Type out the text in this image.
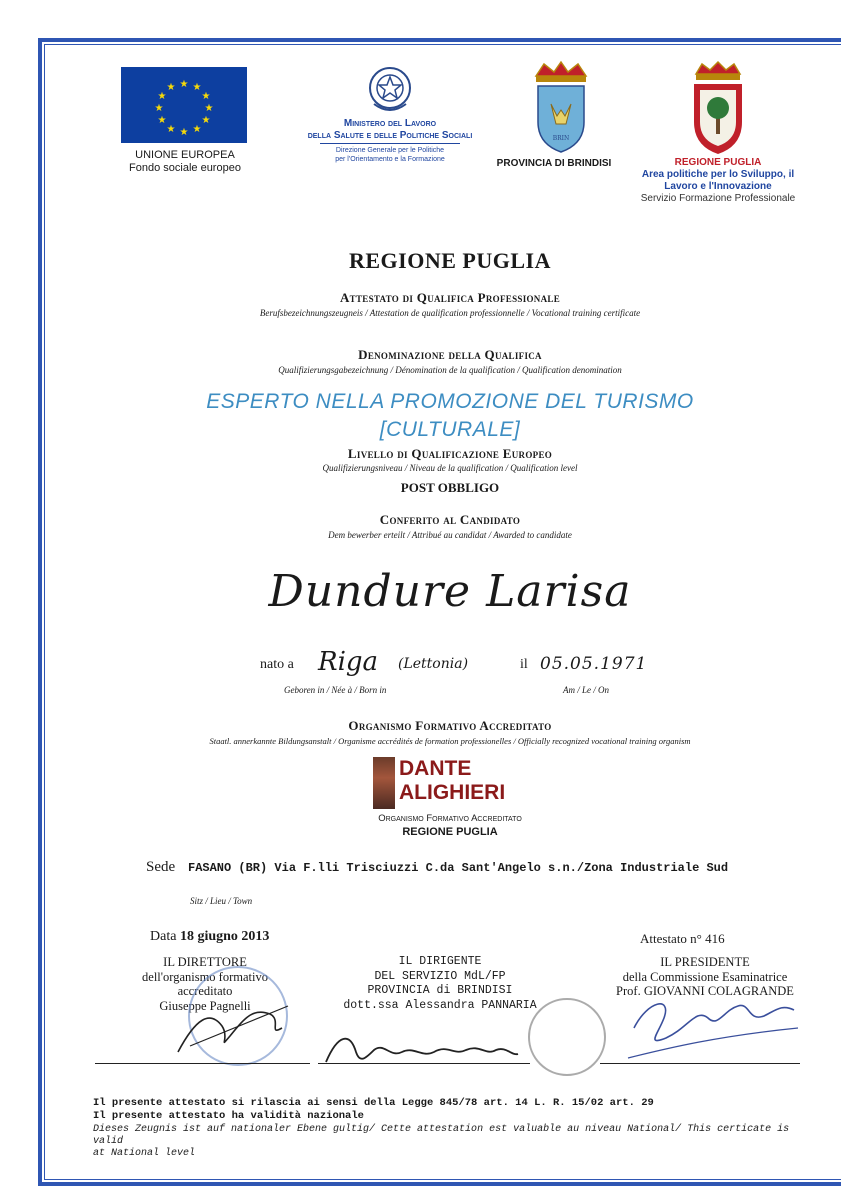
★ ★
★
★
★
★
★
★
★
★
★
★
UNIONE EUROPEA
Fondo sociale europeo
Ministero del Lavoro
della Salute e delle Politiche Sociali
Direzione Generale per le Politiche
per l'Orientamento e la Formazione
BRIN
PROVINCIA DI BRINDISI	REGIONE PUGLIA
Area politiche per lo Sviluppo, il
Lavoro e l'Innovazione
Servizio Formazione Professionale
REGIONE PUGLIA
Attestato di Qualifica Professionale
Berufsbezeichnungszeugneis / Attestation de qualification professionnelle / Vocational training certificate
Denominazione della Qualifica
Qualifizierungsgabezeichnung / Dénomination de la qualification / Qualification denomination
ESPERTO NELLA PROMOZIONE DEL TURISMO
[CULTURALE]
Livello di Qualificazione Europeo
Qualifizierungsniveau / Niveau de la qualification / Qualification level
POST OBBLIGO
Conferito al Candidato
Dem bewerber erteilt / Attribué au candidat / Awarded to candidate
Dundure Larisa
nato a Riga (Lettonia)	il 05.05.1971
Geboren in / Née à / Born in	Am / Le / On
Organismo Formativo Accreditato
Staatl. annerkannte Bildungsanstalt / Organisme accrédités de formation professionelles / Officially recognized vocational training organism
DANTE
ALIGHIERI
Organismo Formativo Accreditato
REGIONE PUGLIA
Sede FASANO (BR) Via F.lli Trisciuzzi C.da Sant'Angelo s.n./Zona Industriale Sud
Sitz / Lieu / Town
Data 18 giugno 2013	Attestato n° 416
IL DIRETTORE
dell'organismo formativo
accreditato
Giuseppe Pagnelli
IL DIRIGENTE
DEL SERVIZIO MdL/FP
PROVINCIA di BRINDISI
dott.ssa Alessandra PANNARIA
IL PRESIDENTE
della Commissione Esaminatrice
Prof. GIOVANNI COLAGRANDE
Il presente attestato si rilascia ai sensi della Legge 845/78 art. 14 L. R. 15/02 art. 29
Il presente attestato ha validità nazionale
Dieses Zeugnis ist auf nationaler Ebene gultig/ Cette attestation est valuable au niveau National/ This certicate is valid
at National level
